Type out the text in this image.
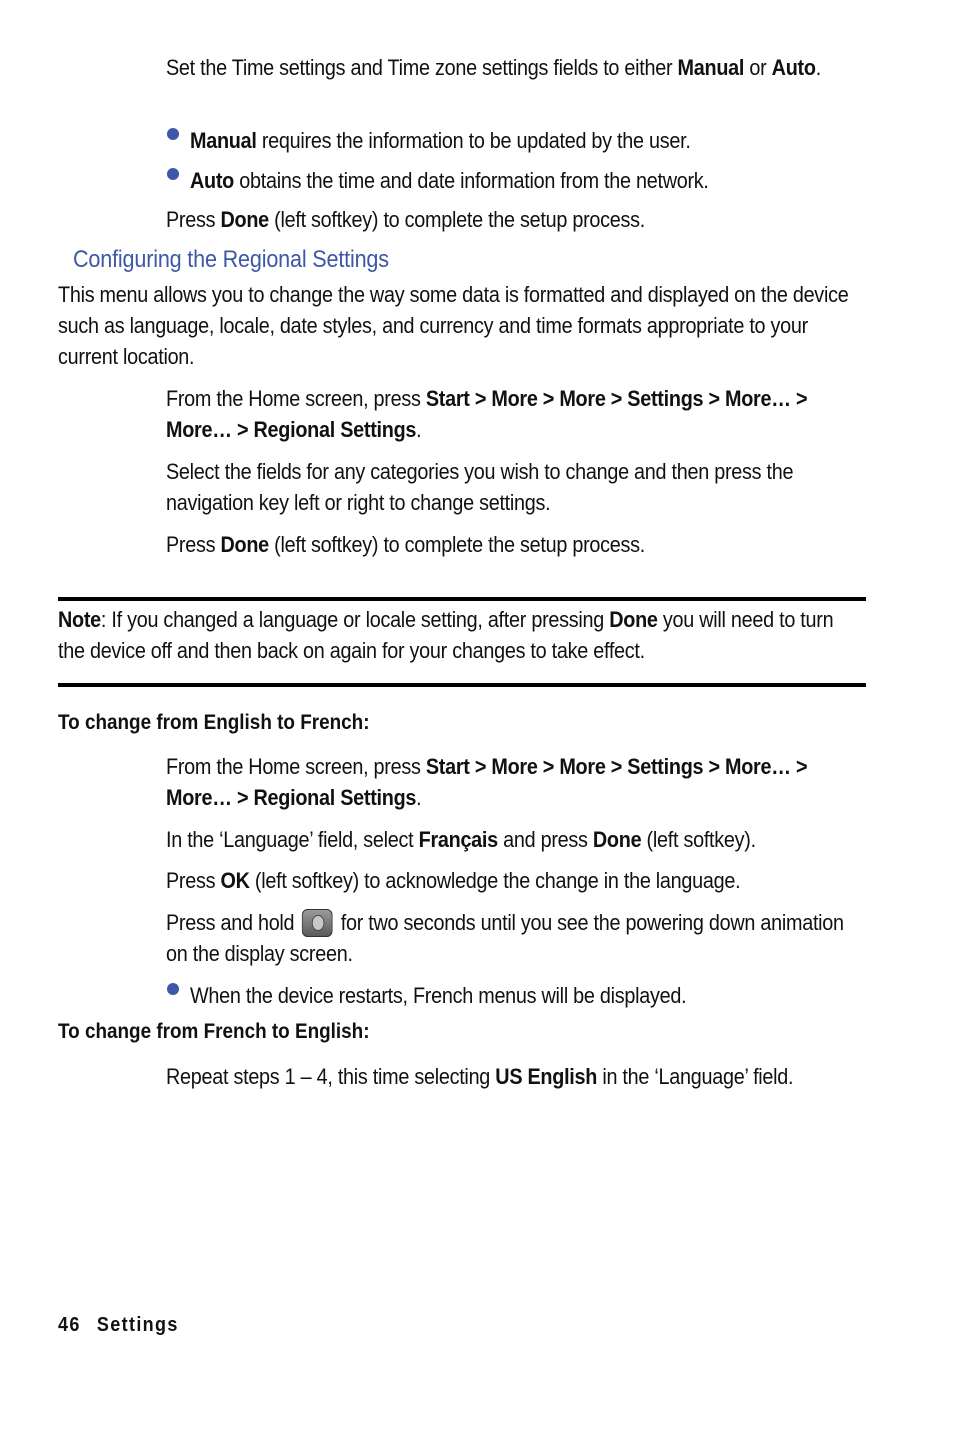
Set the Time settings and Time zone settings fields to either Manual or Auto.

Manual requires the information to be updated by the user.

Auto obtains the time and date information from the network.

Press Done (left softkey) to complete the setup process.

Configuring the Regional Settings

This menu allows you to change the way some data is formatted and displayed on the device such as language, locale, date styles, and currency and time formats appropriate to your current location.

From the Home screen, press Start > More > More > Settings > More… > More… > Regional Settings.

Select the fields for any categories you wish to change and then press the navigation key left or right to change settings.

Press Done (left softkey) to complete the setup process.

Note: If you changed a language or locale setting, after pressing Done you will need to turn the device off and then back on again for your changes to take effect.

To change from English to French:

From the Home screen, press Start > More > More > Settings > More… > More… > Regional Settings.

In the ‘Language’ field, select Français and press Done (left softkey).

Press OK (left softkey) to acknowledge the change in the language.

Press and hold
for two seconds until you see the powering down animation on the display screen.

When the device restarts, French menus will be displayed.

To change from French to English:

Repeat steps 1 – 4, this time selecting US English in the ‘Language’ field.

46 Settings
